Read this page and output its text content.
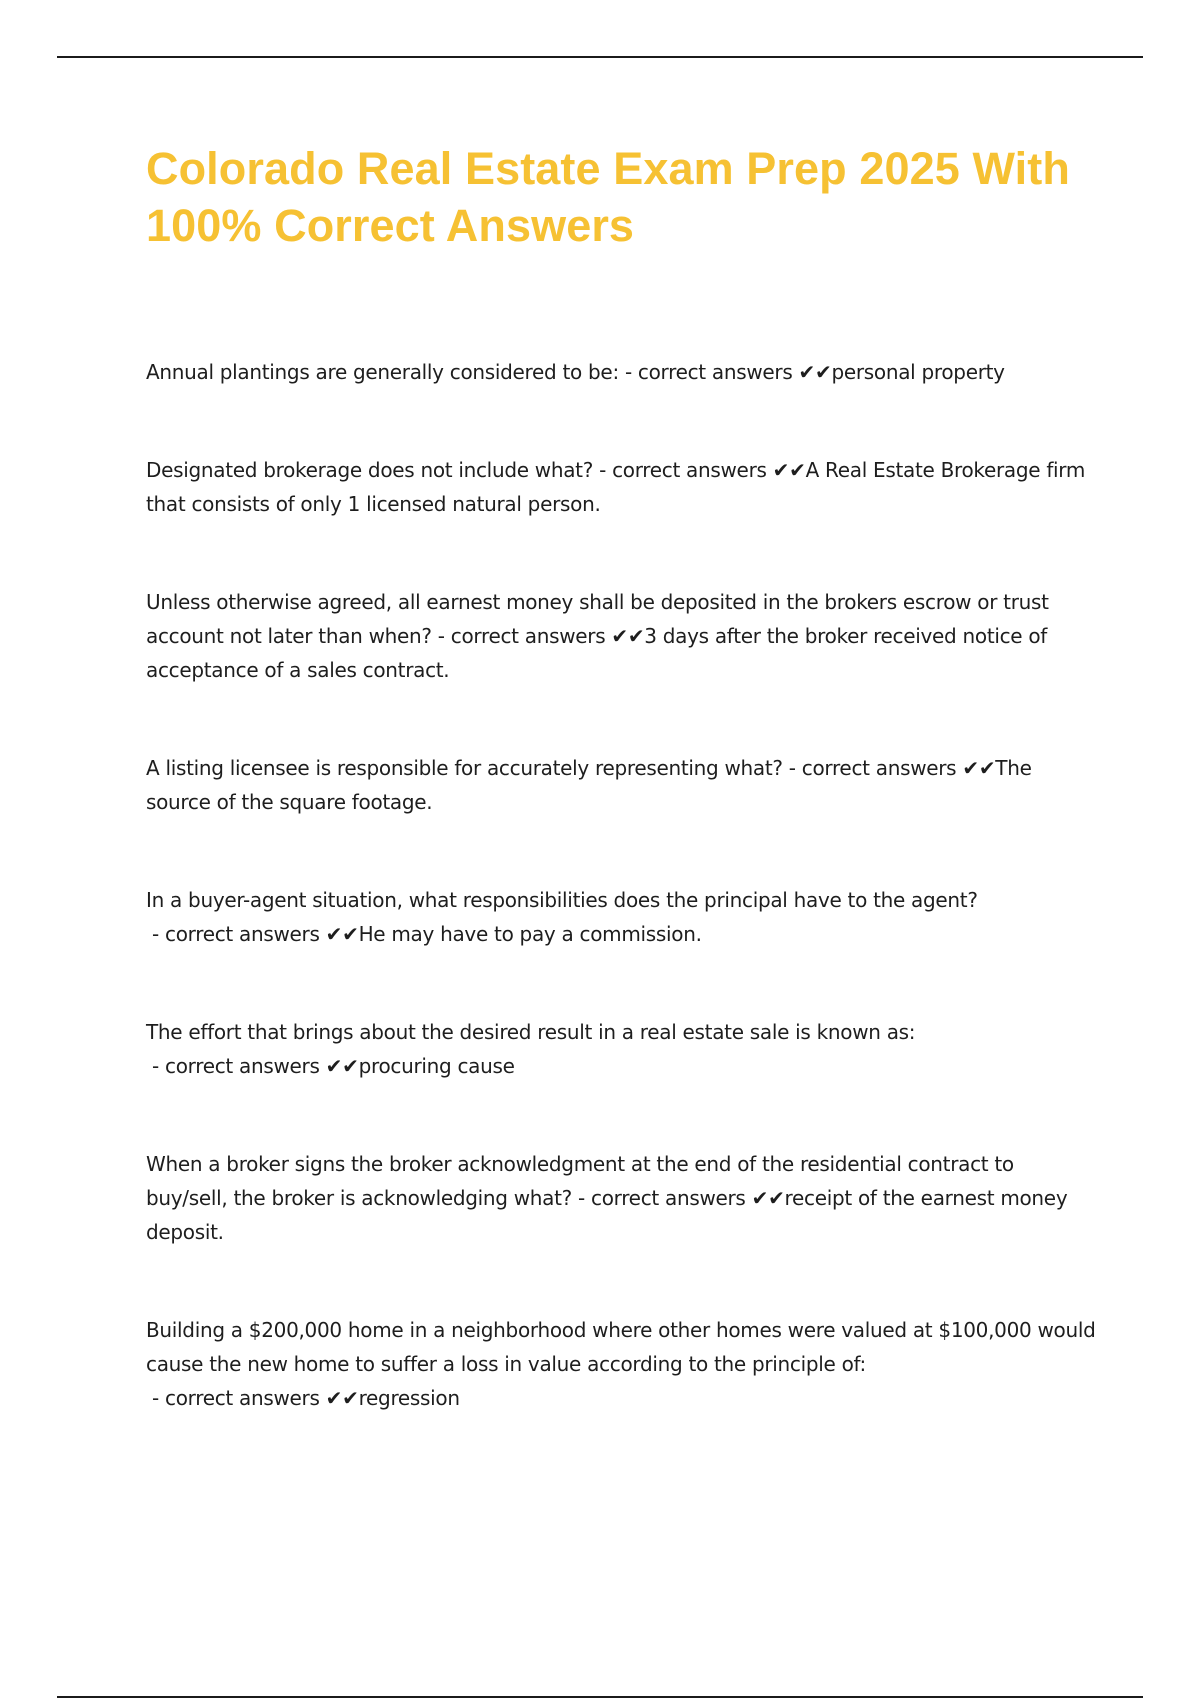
Colorado Real Estate Exam Prep 2025 With 100% Correct Answers
Annual plantings are generally considered to be: - correct answers ✔✔personal property
Designated brokerage does not include what? - correct answers ✔✔A Real Estate Brokerage firm that consists of only 1 licensed natural person.
Unless otherwise agreed, all earnest money shall be deposited in the brokers escrow or trust account not later than when? - correct answers ✔✔3 days after the broker received notice of acceptance of a sales contract.
A listing licensee is responsible for accurately representing what? - correct answers ✔✔The source of the square footage.
In a buyer-agent situation, what responsibilities does the principal have to the agent? - correct answers ✔✔He may have to pay a commission.
The effort that brings about the desired result in a real estate sale is known as: - correct answers ✔✔procuring cause
When a broker signs the broker acknowledgment at the end of the residential contract to buy/sell, the broker is acknowledging what? - correct answers ✔✔receipt of the earnest money deposit.
Building a $200,000 home in a neighborhood where other homes were valued at $100,000 would cause the new home to suffer a loss in value according to the principle of: - correct answers ✔✔regression
